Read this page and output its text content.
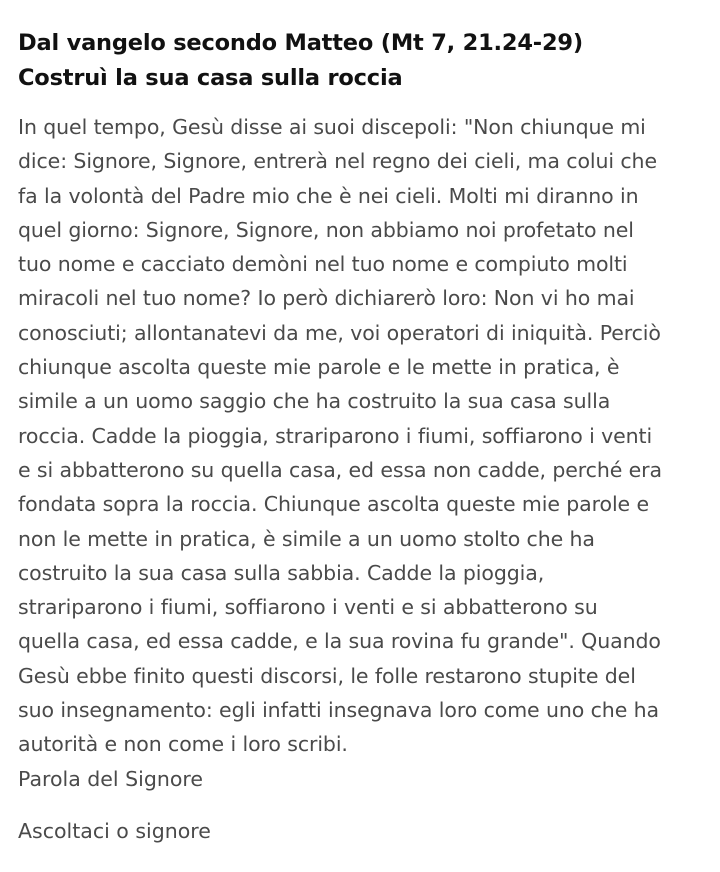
Dal vangelo secondo Matteo (Mt 7, 21.24-29)
Costruì la sua casa sulla roccia

In quel tempo, Gesù disse ai suoi discepoli: "Non chiunque mi
dice: Signore, Signore, entrerà nel regno dei cieli, ma colui che
fa la volontà del Padre mio che è nei cieli. Molti mi diranno in
quel giorno: Signore, Signore, non abbiamo noi profetato nel
tuo nome e cacciato demòni nel tuo nome e compiuto molti
miracoli nel tuo nome? Io però dichiarerò loro: Non vi ho mai
conosciuti; allontanatevi da me, voi operatori di iniquità. Perciò
chiunque ascolta queste mie parole e le mette in pratica, è
simile a un uomo saggio che ha costruito la sua casa sulla
roccia. Cadde la pioggia, strariparono i fiumi, soffiarono i venti
e si abbatterono su quella casa, ed essa non cadde, perché era
fondata sopra la roccia. Chiunque ascolta queste mie parole e
non le mette in pratica, è simile a un uomo stolto che ha
costruito la sua casa sulla sabbia. Cadde la pioggia,
strariparono i fiumi, soffiarono i venti e si abbatterono su
quella casa, ed essa cadde, e la sua rovina fu grande". Quando
Gesù ebbe finito questi discorsi, le folle restarono stupite del
suo insegnamento: egli infatti insegnava loro come uno che ha
autorità e non come i loro scribi.

Parola del Signore

Ascoltaci o signore
